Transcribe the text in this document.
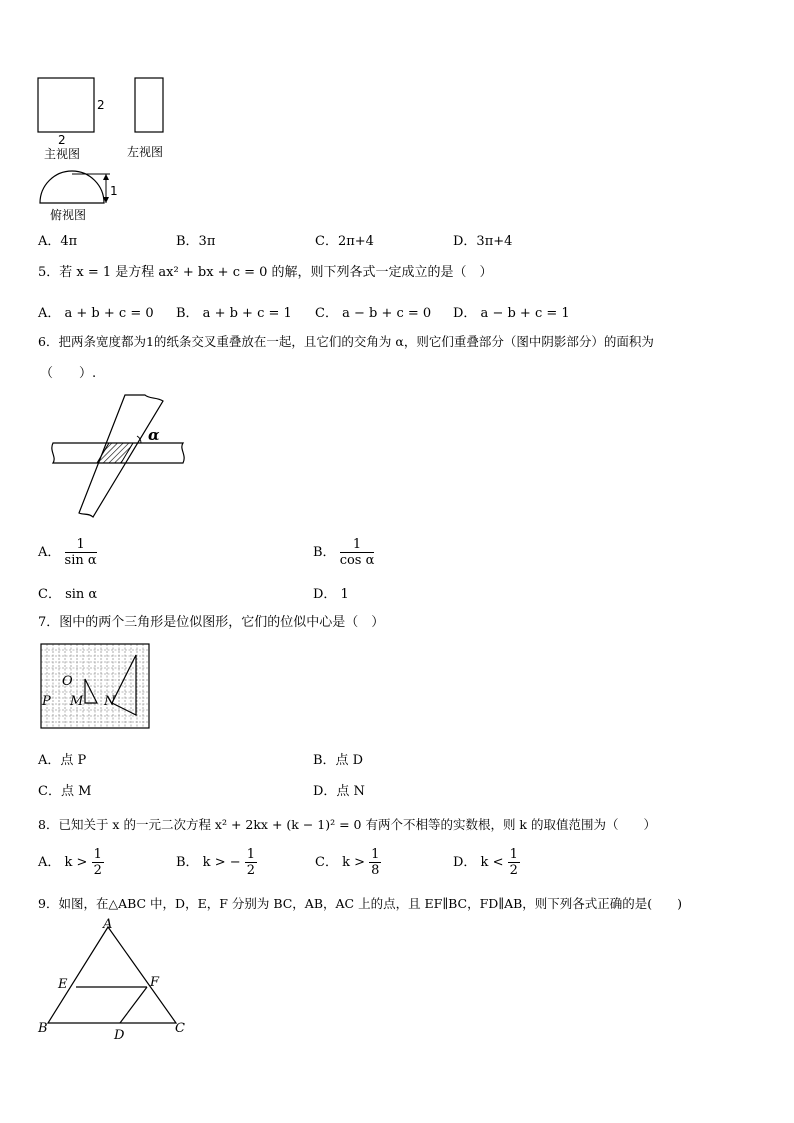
2
2
主视图	左视图
1
俯视图
A．4π	B．3π	C．2π+4	D．3π+4
5．若 x = 1 是方程 ax² + bx + c = 0 的解，则下列各式一定成立的是（　）
A． a + b + c = 0 B． a + b + c = 1 C． a − b + c = 0 D． a − b + c = 1
6．把两条宽度都为1的纸条交叉重叠放在一起，且它们的交角为 α，则它们重叠部分（图中阴影部分）的面积为
（　　）.
α
A． $\frac{1}{\text{sin α}}$	B． $\frac{1}{\text{cos α}}$
C． sin α	D． 1
7．图中的两个三角形是位似图形，它们的位似中心是（　）
O
P M N
A．点 P	B．点 D
C．点 M	D．点 N
8．已知关于 x 的一元二次方程 x² + 2kx + (k − 1)² = 0 有两个不相等的实数根，则 k 的取值范围为（　　）
A． $k > \frac{1}{2}$	B． k > − $\frac{1}{2}$	C． $k > \frac{1}{8}$	D． $k < \frac{1}{2}$
9．如图，在△ABC 中，D，E，F 分别为 BC，AB，AC 上的点，且 EF∥BC，FD∥AB，则下列各式正确的是(　　)
A
B	C
D
E	F
